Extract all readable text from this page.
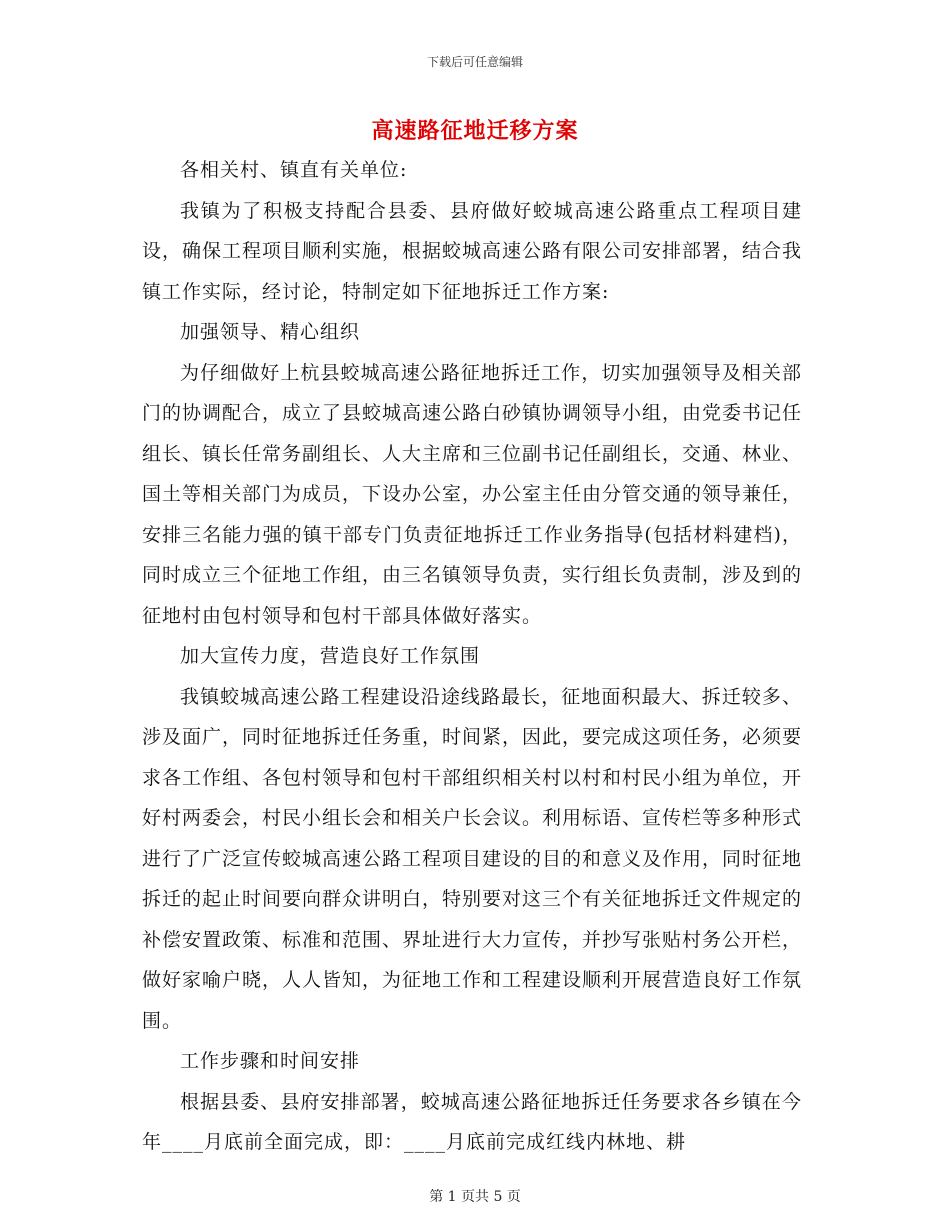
下载后可任意编辑
高速路征地迁移方案

各相关村、镇直有关单位:

我镇为了积极支持配合县委、县府做好蛟城高速公路重点工程项目建设，确保工程项目顺利实施，根据蛟城高速公路有限公司安排部署，结合我镇工作实际，经讨论，特制定如下征地拆迁工作方案:

加强领导、精心组织

为仔细做好上杭县蛟城高速公路征地拆迁工作，切实加强领导及相关部门的协调配合，成立了县蛟城高速公路白砂镇协调领导小组，由党委书记任组长、镇长任常务副组长、人大主席和三位副书记任副组长，交通、林业、国土等相关部门为成员，下设办公室，办公室主任由分管交通的领导兼任，安排三名能力强的镇干部专门负责征地拆迁工作业务指导(包括材料建档)，同时成立三个征地工作组，由三名镇领导负责，实行组长负责制，涉及到的征地村由包村领导和包村干部具体做好落实。

加大宣传力度，营造良好工作氛围

我镇蛟城高速公路工程建设沿途线路最长，征地面积最大、拆迁较多、涉及面广，同时征地拆迁任务重，时间紧，因此，要完成这项任务，必须要求各工作组、各包村领导和包村干部组织相关村以村和村民小组为单位，开好村两委会，村民小组长会和相关户长会议。利用标语、宣传栏等多种形式进行了广泛宣传蛟城高速公路工程项目建设的目的和意义及作用，同时征地拆迁的起止时间要向群众讲明白，特别要对这三个有关征地拆迁文件规定的补偿安置政策、标准和范围、界址进行大力宣传，并抄写张贴村务公开栏，做好家喻户晓，人人皆知，为征地工作和工程建设顺利开展营造良好工作氛围。

工作步骤和时间安排

根据县委、县府安排部署，蛟城高速公路征地拆迁任务要求各乡镇在今年____月底前全面完成，即：____月底前完成红线内林地、耕

第 1 页共 5 页
